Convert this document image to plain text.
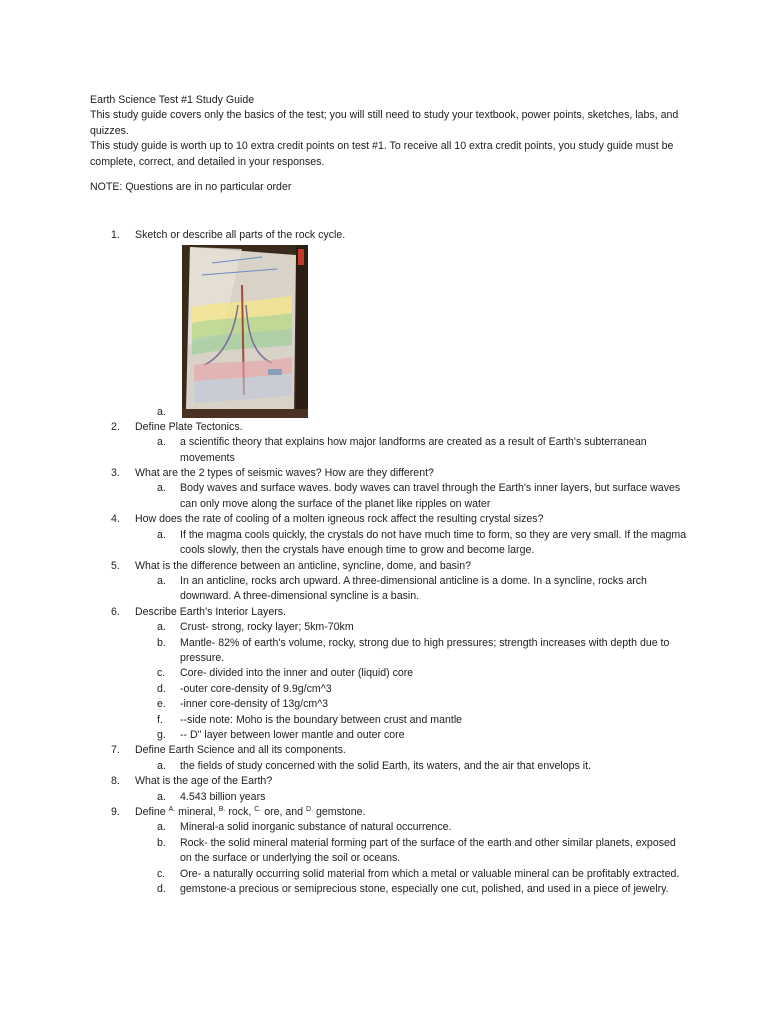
Earth Science Test #1 Study Guide

This study guide covers only the basics of the test; you will still need to study your textbook, power points, sketches, labs, and quizzes.

This study guide is worth up to 10 extra credit points on test #1. To receive all 10 extra credit points, you study guide must be complete, correct, and detailed in your responses.

NOTE: Questions are in no particular order

1. Sketch or describe all parts of the rock cycle.
a.
2. Define Plate Tectonics.
a. a scientific theory that explains how major landforms are created as a result of Earth's subterranean movements
3. What are the 2 types of seismic waves? How are they different?
a. Body waves and surface waves. body waves can travel through the Earth's inner layers, but surface waves can only move along the surface of the planet like ripples on water
4. How does the rate of cooling of a molten igneous rock affect the resulting crystal sizes?
a. If the magma cools quickly, the crystals do not have much time to form, so they are very small. If the magma cools slowly, then the crystals have enough time to grow and become large.
5. What is the difference between an anticline, syncline, dome, and basin?
a. In an anticline, rocks arch upward. A three-dimensional anticline is a dome. In a syncline, rocks arch downward. A three-dimensional syncline is a basin.
6. Describe Earth's Interior Layers.
a. Crust- strong, rocky layer; 5km-70km
b. Mantle- 82% of earth's volume, rocky, strong due to high pressures; strength increases with depth due to pressure.
c. Core- divided into the inner and outer (liquid) core
d. -outer core-density of 9.9g/cm^3
e. -inner core-density of 13g/cm^3
f. --side note: Moho is the boundary between crust and mantle
g. -- D" layer between lower mantle and outer core
7. Define Earth Science and all its components.
a. the fields of study concerned with the solid Earth, its waters, and the air that envelops it.
8. What is the age of the Earth?
a. 4.543 billion years
9. Define $^{A.}$ mineral, $^{B.}$ rock, $^{C.}$ ore, and $^{D.}$ gemstone.
a. Mineral-a solid inorganic substance of natural occurrence.
b. Rock- the solid mineral material forming part of the surface of the earth and other similar planets, exposed on the surface or underlying the soil or oceans.
c. Ore- a naturally occurring solid material from which a metal or valuable mineral can be profitably extracted.
d. gemstone-a precious or semiprecious stone, especially one cut, polished, and used in a piece of jewelry.
